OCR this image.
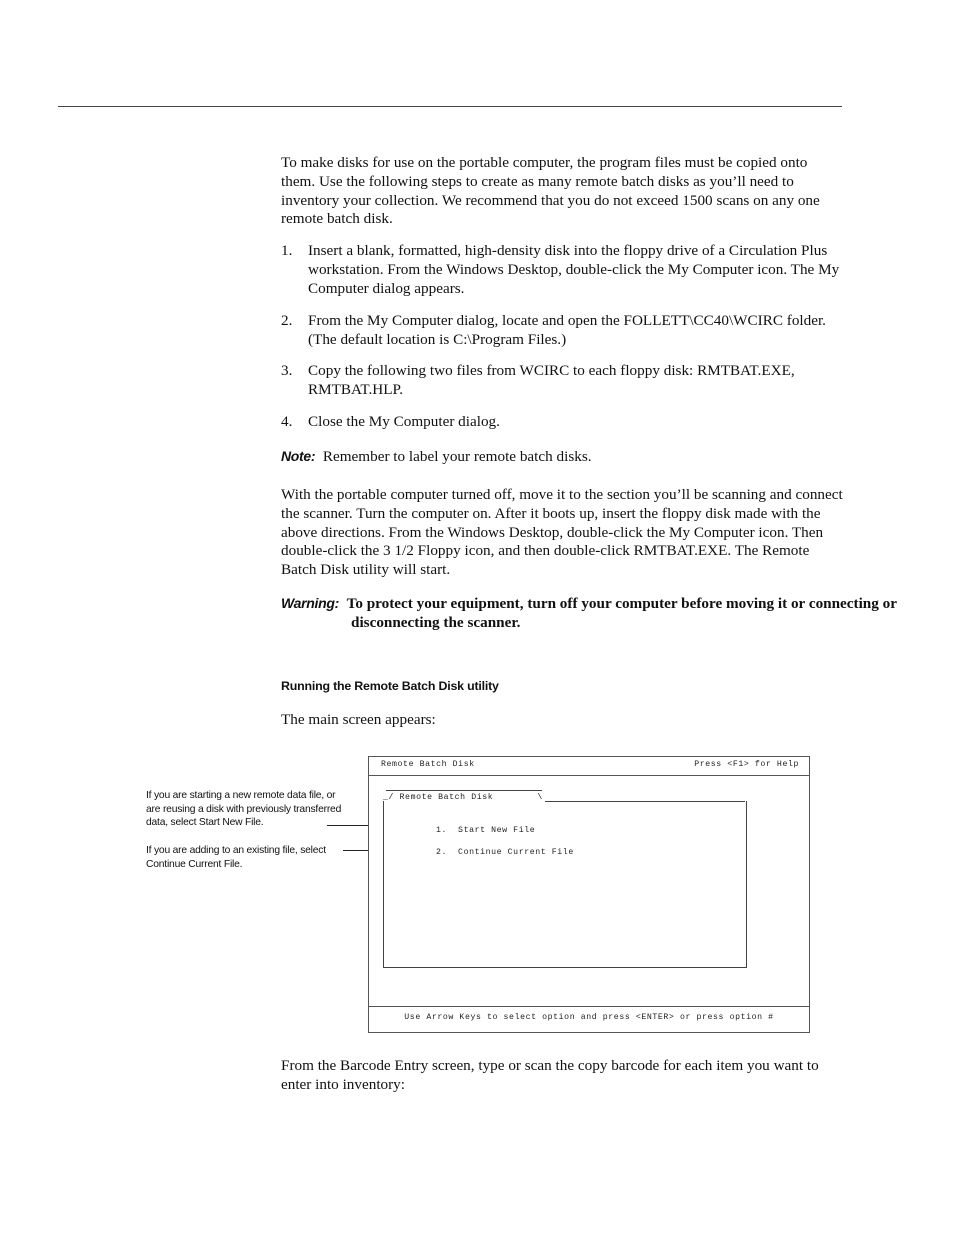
To make disks for use on the portable computer, the program files must be copied onto them. Use the following steps to create as many remote batch disks as you’ll need to inventory your collection. We recommend that you do not exceed 1500 scans on any one remote batch disk.

1. Insert a blank, formatted, high-density disk into the floppy drive of a Circulation Plus workstation. From the Windows Desktop, double-click the My Computer icon. The My Computer dialog appears.
2. From the My Computer dialog, locate and open the FOLLETT\CC40\WCIRC folder. (The default location is C:\Program Files.)
3. Copy the following two files from WCIRC to each floppy disk: RMTBAT.EXE, RMTBAT.HLP.
4. Close the My Computer dialog.
Note: Remember to label your remote batch disks.

With the portable computer turned off, move it to the section you’ll be scanning and connect the scanner. Turn the computer on. After it boots up, insert the floppy disk made with the above directions. From the Windows Desktop, double-click the My Computer icon. Then double-click the 3 1/2 Floppy icon, and then double-click RMTBAT.EXE. The Remote Batch Disk utility will start.

Warning: To protect your equipment, turn off your computer before moving it or connecting or disconnecting the scanner.
Running the Remote Batch Disk utility

The main screen appears:

If you are starting a new remote data file, or are reusing a disk with previously transferred data, select Start New File.
If you are adding to an existing file, select Continue Current File.
Remote Batch Disk	Press <F1> for Help
_/ Remote Batch Disk        \
1.  Start New File
2.  Continue Current File
Use Arrow Keys to select option and press <ENTER> or press option #

From the Barcode Entry screen, type or scan the copy barcode for each item you want to enter into inventory:
